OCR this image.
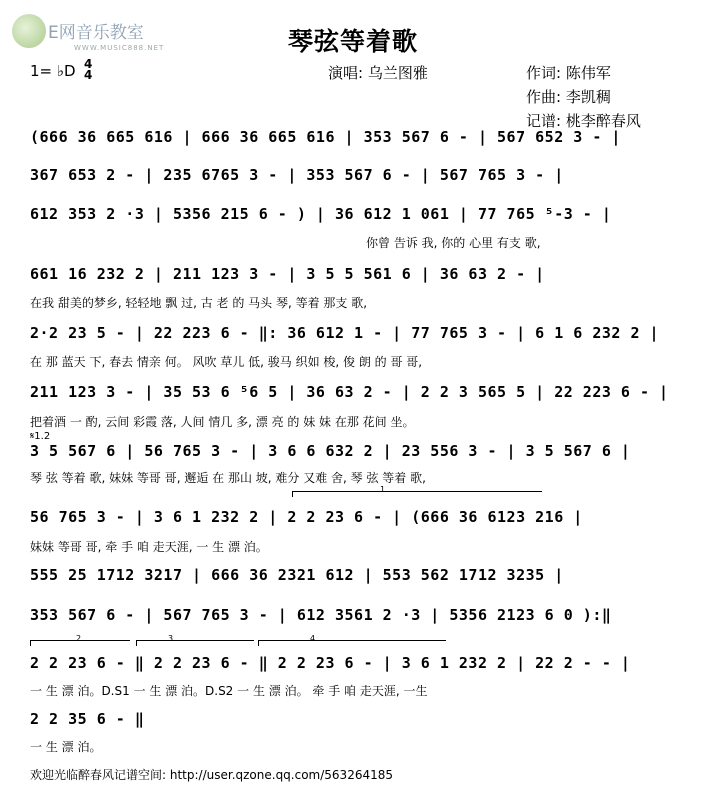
E网音乐教室
WWW.MUSIC888.NET	琴弦等着歌
1= ♭D 4
4	演唱: 乌兰图雅	作词: 陈伟军
作曲: 李凯稠
记谱: 桃李醉春风
(666 36 665 616 | 666 36 665 616 | 353 567 6 - | 567 652 3 - |
367 653 2 - | 235 6765 3 - | 353 567 6 - | 567 765 3 - |
612 353 2 ·3 | 5356 215 6 - ) | 36 612 1 061 | 77 765 ⁵-3 - |
你曾 告诉 我, 你的 心里 有支 歌,
661 16 232 2 | 211 123 3 - | 3 5 5 561 6 | 36 63 2 - |
在我 甜美的梦乡, 轻轻地 飘 过, 古 老 的 马头 琴, 等着 那支 歌,
2·2 23 5 - | 22 223 6 - ‖: 36 612 1 - | 77 765 3 - | 6 1 6 232 2 |
在 那 蓝天 下, 春去 情亲 何。 风吹 草儿 低, 骏马 织如 梭, 俊 朗 的 哥 哥,
211 123 3 - | 35 53 6 ⁵6 5 | 36 63 2 - | 2 2 3 565 5 | 22 223 6 - |
把着酒 一 酌, 云间 彩霞 落, 人间 情几 多, 漂 亮 的 妹 妹 在那 花间 坐。
𝄋1.2
3 5 567 6 | 56 765 3 - | 3 6 6 632 2 | 23 556 3 - | 3 5 567 6 |
琴 弦 等着 歌, 妹妹 等哥 哥, 邂逅 在 那山 坡, 难分 又难 舍, 琴 弦 等着 歌,
1
56 765 3 - | 3 6 1 232 2 | 2 2 23 6 - | (666 36 6123 216 |
妹妹 等哥 哥, 牵 手 咱 走天涯, 一 生 漂 泊。
555 25 1712 3217 | 666 36 2321 612 | 553 562 1712 3235 |
353 567 6 - | 567 765 3 - | 612 3561 2 ·3 | 5356 2123 6 0 ):‖
2	3	4
2 2 23 6 - ‖ 2 2 23 6 - ‖ 2 2 23 6 - | 3 6 1 232 2 | 22 2 - - |
一 生 漂 泊。D.S1 一 生 漂 泊。D.S2 一 生 漂 泊。 牵 手 咱 走天涯, 一生
2 2 35 6 - ‖
一 生 漂 泊。
欢迎光临醉春风记谱空间: http://user.qzone.qq.com/563264185
